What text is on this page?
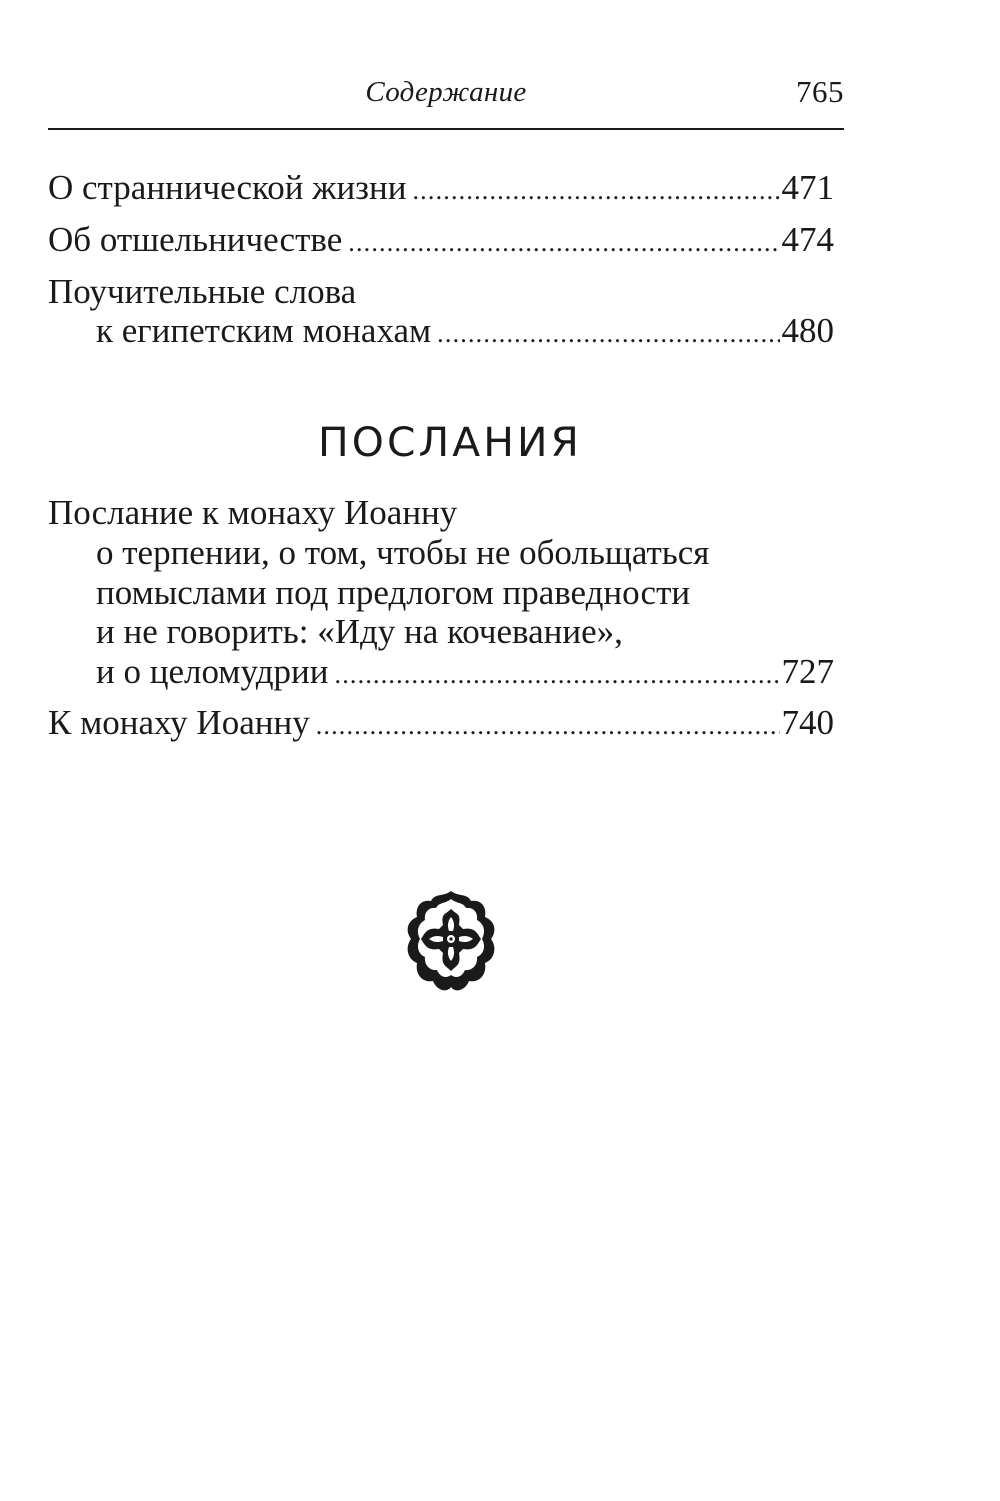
Содержание	765
О страннической жизни .....	471
Об отшельничестве .....	474
Поучительные слова
к египетским монахам .....	480
ПОСЛАНИЯ
Послание к монаху Иоанну
о терпении, о том, чтобы не обольщаться
помыслами под предлогом праведности
и не говорить: «Иду на кочевание»,
и о целомудрии .....	727
К монаху Иоанну .....	740
